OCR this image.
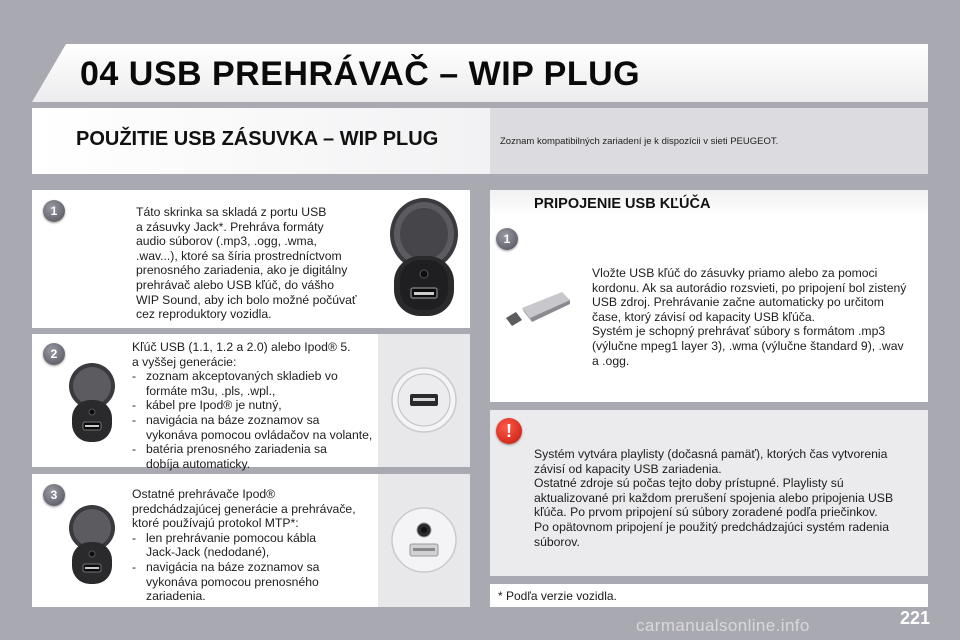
04 USB PREHRÁVAČ – WIP PLUG
POUŽITIE USB ZÁSUVKA – WIP PLUG	Zoznam kompatibilných zariadení je k dispozícii v sieti PEUGEOT.
1	Táto skrinka sa skladá z portu USB
a zásuvky Jack*. Prehráva formáty
audio súborov (.mp3, .ogg, .wma,
.wav...), ktoré sa šíria prostredníctvom
prenosného zariadenia, ako je digitálny
prehrávač alebo USB kľúč, do vášho
WIP Sound, aby ich bolo možné počúvať
cez reproduktory vozidla.
2	Kľúč USB (1.1, 1.2 a 2.0) alebo Ipod® 5.
a vyššej generácie:
- zoznam akceptovaných skladieb vo
formáte m3u, .pls, .wpl.,
- kábel pre Ipod® je nutný,
- navigácia na báze zoznamov sa
vykonáva pomocou ovládačov na volante,
- batéria prenosného zariadenia sa
dobíja automaticky.
3	Ostatné prehrávače Ipod®
predchádzajúcej generácie a prehrávače,
ktoré používajú protokol MTP*:
- len prehrávanie pomocou kábla
Jack-Jack (nedodané),
- navigácia na báze zoznamov sa
vykonáva pomocou prenosného
zariadenia.
PRIPOJENIE USB KĽÚČA
1
Vložte USB kľúč do zásuvky priamo alebo za pomoci
kordonu. Ak sa autorádio rozsvieti, po pripojení bol zistený
USB zdroj. Prehrávanie začne automaticky po určitom
čase, ktorý závisí od kapacity USB kľúča.
Systém je schopný prehrávať súbory s formátom .mp3
(výlučne mpeg1 layer 3), .wma (výlučne štandard 9), .wav
a .ogg.
!
Systém vytvára playlisty (dočasná pamäť), ktorých čas vytvorenia
závisí od kapacity USB zariadenia.
Ostatné zdroje sú počas tejto doby prístupné. Playlisty sú
aktualizované pri každom prerušení spojenia alebo pripojenia USB
kľúča. Po prvom pripojení sú súbory zoradené podľa priečinkov.
Po opätovnom pripojení je použitý predchádzajúci systém radenia
súborov.
* Podľa verzie vozidla.
221
carmanualsonline.info
